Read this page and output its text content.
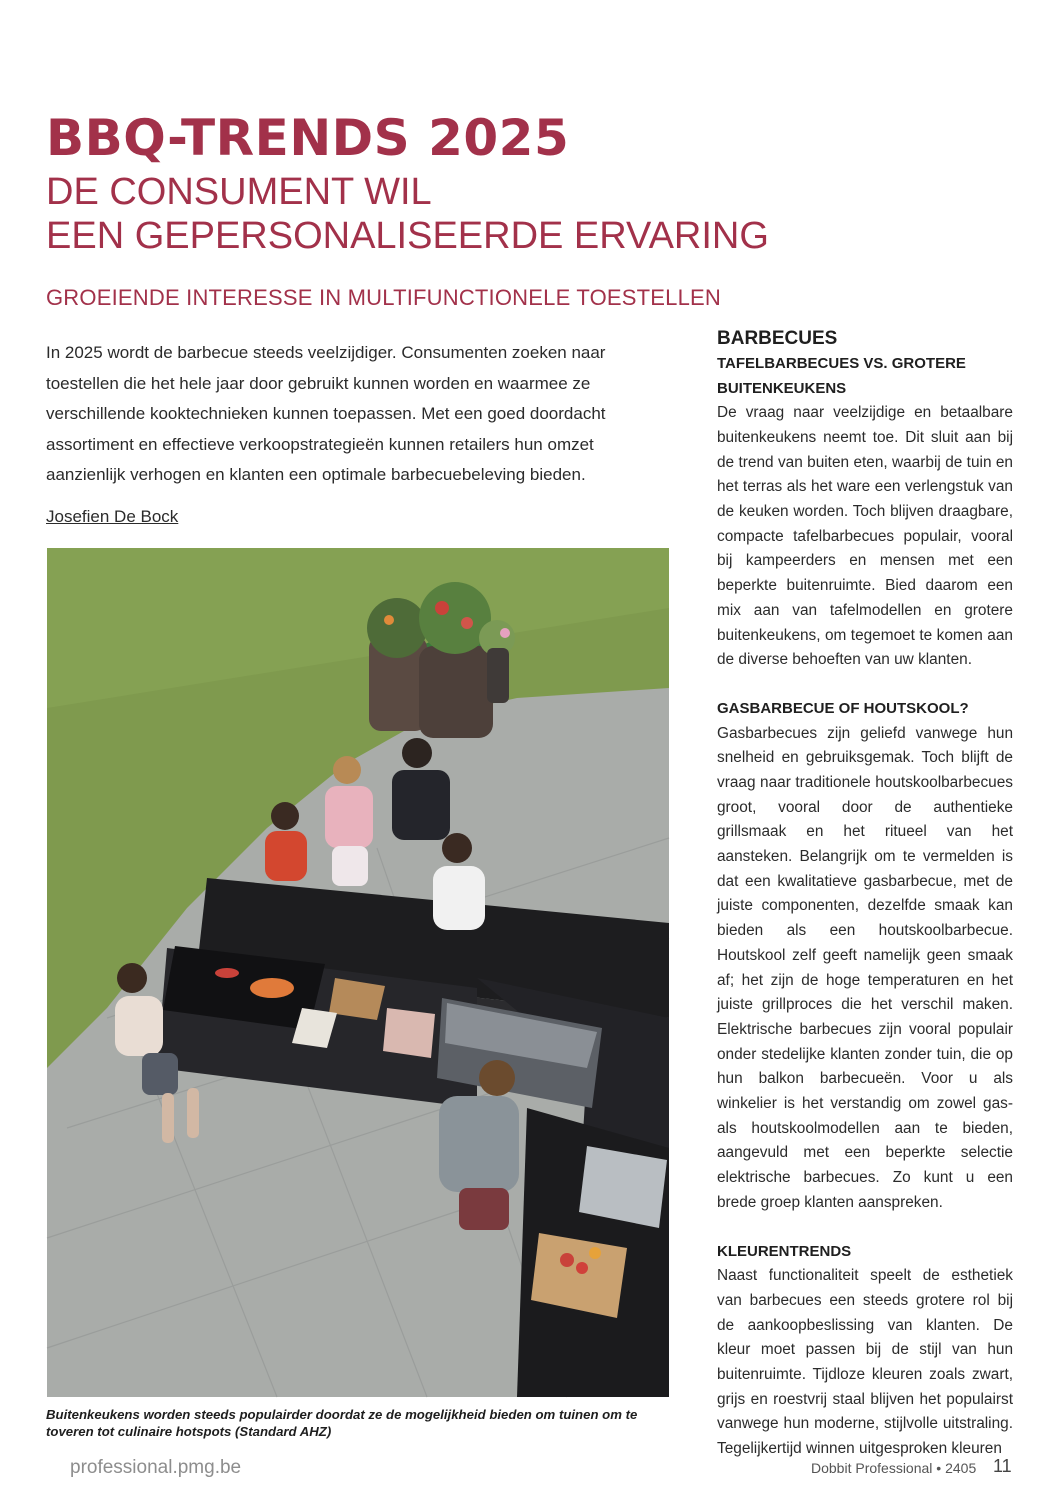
BBQ-TRENDS 2025
DE CONSUMENT WIL
EEN GEPERSONALISEERDE ERVARING
GROEIENDE INTERESSE IN MULTIFUNCTIONELE TOESTELLEN

In 2025 wordt de barbecue steeds veelzijdiger. Consumenten zoeken naar toestellen die het hele jaar door gebruikt kunnen worden en waarmee ze verschillende kooktechnieken kunnen toepassen. Met een goed doordacht assortiment en effectieve verkoopstrategieën kunnen retailers hun omzet aanzienlijk verhogen en klanten een optimale barbecuebeleving bieden.

Josefien De Bock

Buitenkeukens worden steeds populairder doordat ze de mogelijkheid bieden om tuinen om te toveren tot culinaire hotspots (Standard AHZ)

BARBECUES
TAFELBARBECUES VS. GROTERE BUITENKEUKENS

De vraag naar veelzijdige en betaalbare buitenkeukens neemt toe. Dit sluit aan bij de trend van buiten eten, waarbij de tuin en het terras als het ware een verlengstuk van de keuken worden. Toch blijven draagbare, compacte tafelbarbecues populair, vooral bij kampeerders en mensen met een beperkte buitenruimte. Bied daarom een mix aan van tafelmodellen en grotere buitenkeukens, om tegemoet te komen aan de diverse behoeften van uw klanten.

GASBARBECUE OF HOUTSKOOL?

Gasbarbecues zijn geliefd vanwege hun snelheid en gebruiksgemak. Toch blijft de vraag naar traditionele houtskoolbarbecues groot, vooral door de authentieke grillsmaak en het ritueel van het aansteken. Belangrijk om te vermelden is dat een kwalitatieve gasbarbecue, met de juiste componenten, dezelfde smaak kan bieden als een houtskoolbarbecue. Houtskool zelf geeft namelijk geen smaak af; het zijn de hoge temperaturen en het juiste grillproces die het verschil maken. Elektrische barbecues zijn vooral populair onder stedelijke klanten zonder tuin, die op hun balkon barbecueën. Voor u als winkelier is het verstandig om zowel gas- als houtskoolmodellen aan te bieden, aangevuld met een beperkte selectie elektrische barbecues. Zo kunt u een brede groep klanten aanspreken.

KLEURENTRENDS

Naast functionaliteit speelt de esthetiek van barbecues een steeds grotere rol bij de aankoopbeslissing van klanten. De kleur moet passen bij de stijl van hun buitenruimte. Tijdloze kleuren zoals zwart, grijs en roestvrij staal blijven het populairst vanwege hun moderne, stijlvolle uitstraling. Tegelijkertijd winnen uitgesproken kleuren

professional.pmg.be	Dobbit Professional • 2405 11
